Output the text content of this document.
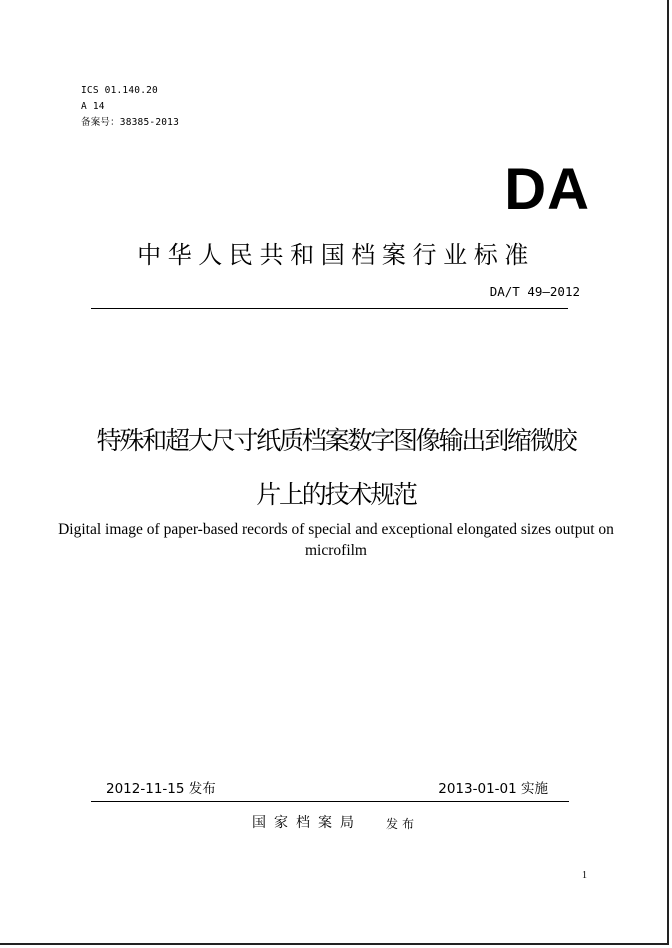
ICS 01.140.20
A 14
备案号：38385-2013
DA
中华人民共和国档案行业标准
DA/T 49—2012
特殊和超大尺寸纸质档案数字图像输出到缩微胶
片上的技术规范
Digital image of paper-based records of special and exceptional elongated sizes output on microfilm
2012-11-15 发布	2013-01-01 实施
国家档案局 发布
1
